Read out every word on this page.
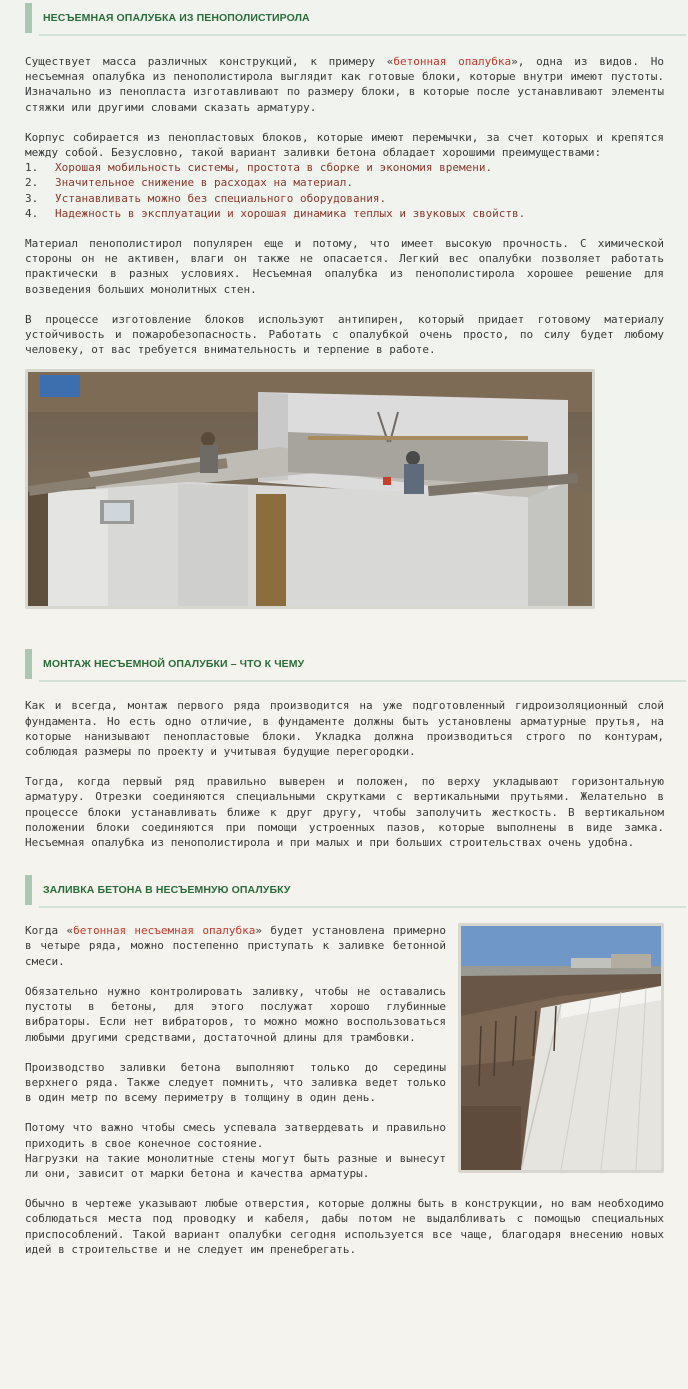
НЕСЪЕМНАЯ ОПАЛУБКА ИЗ ПЕНОПОЛИСТИРОЛА

Существует масса различных конструкций, к примеру «бетонная опалубка», одна из видов. Но несъемная опалубка из пенополистирола выглядит как готовые блоки, которые внутри имеют пустоты. Изначально из пенопласта изготавливают по размеру блоки, в которые после устанавливают элементы стяжки или другими словами сказать арматуру.

Корпус собирается из пенопластовых блоков, которые имеют перемычки, за счет которых и крепятся между собой. Безусловно, такой вариант заливки бетона обладает хорошими преимуществами:

1. Хорошая мобильность системы, простота в сборке и экономия времени.
2. Значительное снижение в расходах на материал.
3. Устанавливать можно без специального оборудования.
4. Надежность в эксплуатации и хорошая динамика теплых и звуковых свойств.

Материал пенополистирол популярен еще и потому, что имеет высокую прочность. С химической стороны он не активен, влаги он также не опасается. Легкий вес опалубки позволяет работать практически в разных условиях. Несъемная опалубка из пенополистирола хорошее решение для возведения больших монолитных стен.

В процессе изготовление блоков используют антипирен, который придает готовому материалу устойчивость и пожаробезопасность. Работать с опалубкой очень просто, по силу будет любому человеку, от вас требуется внимательность и терпение в работе.

МОНТАЖ НЕСЪЕМНОЙ ОПАЛУБКИ – ЧТО К ЧЕМУ

Как и всегда, монтаж первого ряда производится на уже подготовленный гидроизоляционный слой фундамента. Но есть одно отличие, в фундаменте должны быть установлены арматурные прутья, на которые нанизывают пенопластовые блоки. Укладка должна производиться строго по контурам, соблюдая размеры по проекту и учитывая будущие перегородки.

Тогда, когда первый ряд правильно выверен и положен, по верху укладывают горизонтальную арматуру. Отрезки соединяются специальными скрутками с вертикальными прутьями. Желательно в процессе блоки устанавливать ближе к друг другу, чтобы заполучить жесткость. В вертикальном положении блоки соединяются при помощи устроенных пазов, которые выполнены в виде замка. Несъемная опалубка из пенополистирола и при малых и при больших строительствах очень удобна.

ЗАЛИВКА БЕТОНА В НЕСЪЕМНУЮ ОПАЛУБКУ

Когда «бетонная несъемная опалубка» будет установлена примерно в четыре ряда, можно постепенно приступать к заливке бетонной смеси.

Обязательно нужно контролировать заливку, чтобы не оставались пустоты в бетоны, для этого послужат хорошо глубинные вибраторы. Если нет вибраторов, то можно можно воспользоваться любыми другими средствами, достаточной длины для трамбовки.

Производство заливки бетона выполняют только до середины верхнего ряда. Также следует помнить, что заливка ведет только в один метр по всему периметру в толщину в один день.

Потому что важно чтобы смесь успевала затвердевать и правильно приходить в свое конечное состояние.

Нагрузки на такие монолитные стены могут быть разные и вынесут ли они, зависит от марки бетона и качества арматуры.

Обычно в чертеже указывают любые отверстия, которые должны быть в конструкции, но вам необходимо соблюдаться места под проводку и кабеля, дабы потом не выдалбливать с помощью специальных приспособлений. Такой вариант опалубки сегодня используется все чаще, благодаря внесению новых идей в строительстве и не следует им пренебрегать.
